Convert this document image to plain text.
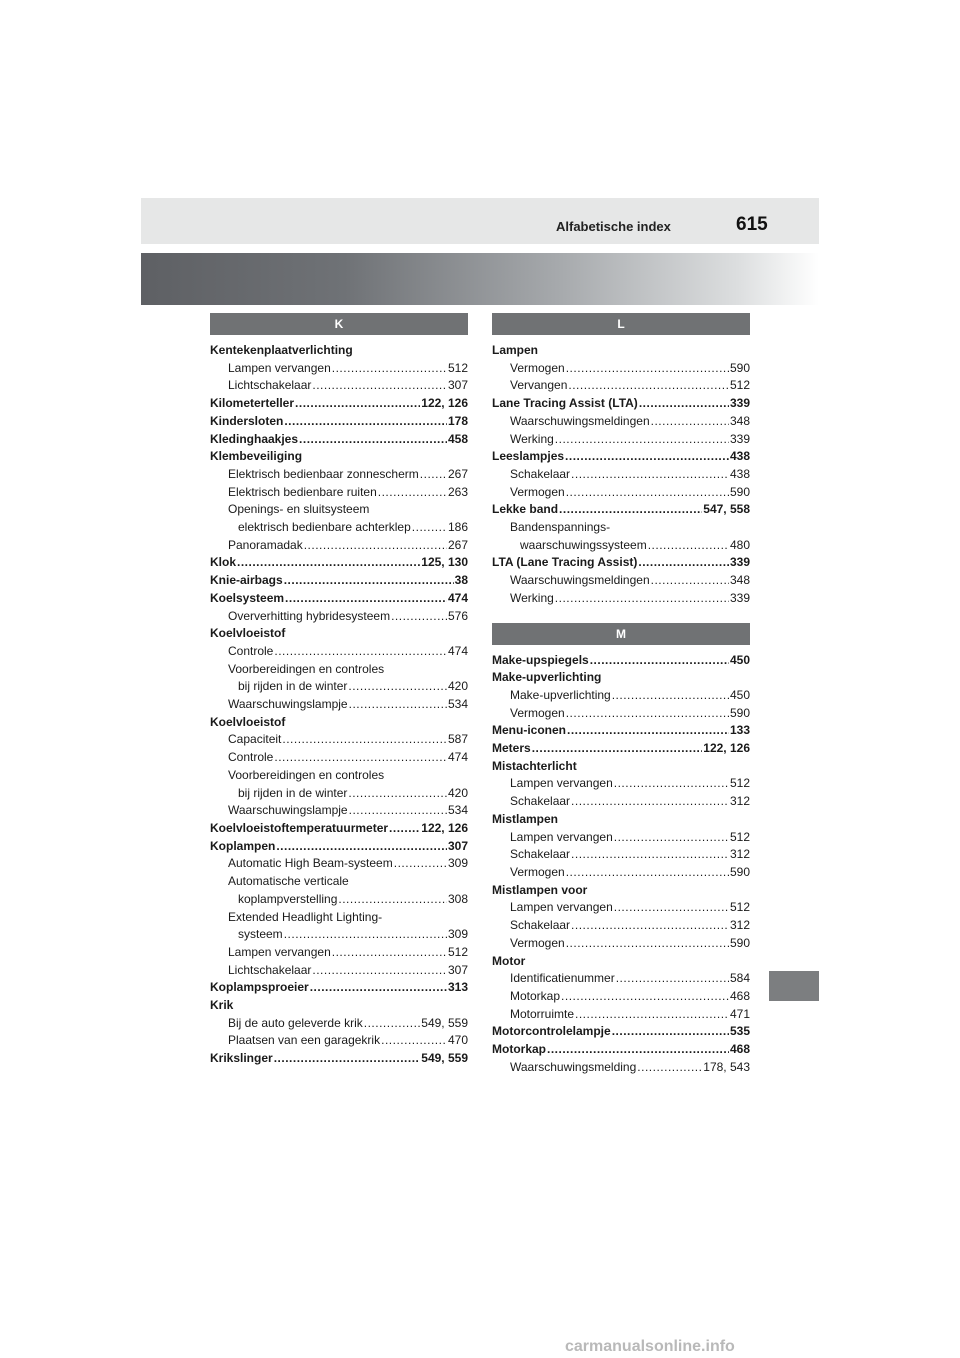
Alfabetische index	615
K
Kentekenplaatverlichting
Lampen vervangen .....	512
Lichtschakelaar .....	307
Kilometerteller .....	122, 126
Kindersloten .....	178
Kledinghaakjes .....	458
Klembeveiliging
Elektrisch bedienbaar zonnescherm ..... 267
Elektrisch bedienbare ruiten .....	263
Openings- en sluitsysteem
elektrisch bedienbare achterklep .....	186
Panoramadak .....	267
Klok .....	125, 130
Knie-airbags .....	38
Koelsysteem .....	474
Oververhitting hybridesysteem .....	576
Koelvloeistof
Controle .....	474
Voorbereidingen en controles
bij rijden in de winter .....	420
Waarschuwingslampje .....	534
Koelvloeistof
Capaciteit .....	587
Controle .....	474
Voorbereidingen en controles
bij rijden in de winter .....	420
Waarschuwingslampje .....	534
Koelvloeistoftemperatuurmeter .....	122, 126
Koplampen .....	307
Automatic High Beam-systeem .....	309
Automatische verticale
koplampverstelling .....	308
Extended Headlight Lighting-
systeem .....	309
Lampen vervangen .....	512
Lichtschakelaar .....	307
Koplampsproeier .....	313
Krik
Bij de auto geleverde krik .....	549, 559
Plaatsen van een garagekrik .....	470
Krikslinger .....	549, 559
L
Lampen
Vermogen .....	590
Vervangen .....	512
Lane Tracing Assist (LTA) .....	339
Waarschuwingsmeldingen .....	348
Werking .....	339
Leeslampjes .....	438
Schakelaar .....	438
Vermogen .....	590
Lekke band .....	547, 558
Bandenspannings-
waarschuwingssysteem .....	480
LTA (Lane Tracing Assist) .....	339
Waarschuwingsmeldingen .....	348
Werking .....	339
M
Make-upspiegels .....	450
Make-upverlichting
Make-upverlichting .....	450
Vermogen .....	590
Menu-iconen .....	133
Meters .....	122, 126
Mistachterlicht
Lampen vervangen .....	512
Schakelaar .....	312
Mistlampen
Lampen vervangen .....	512
Schakelaar .....	312
Vermogen .....	590
Mistlampen voor
Lampen vervangen .....	512
Schakelaar .....	312
Vermogen .....	590
Motor
Identificatienummer .....	584
Motorkap .....	468
Motorruimte .....	471
Motorcontrolelampje .....	535
Motorkap .....	468
Waarschuwingsmelding .....	178, 543
carmanualsonline.info
